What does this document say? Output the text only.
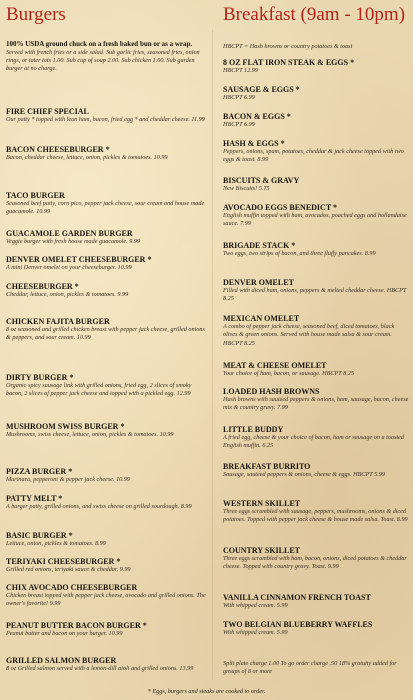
Burgers
100% USDA ground chuck on a fresh baked bun or as a wrap.
Served with french fries or a side salad. Sub garlic fries, seasoned fries, onion rings, or tater tots 1.00. Sub cup of soup 2.00. Sub chicken 1.00. Sub garden burger at no charge.
FIRE CHIEF SPECIAL
Our patty * topped with lean ham, bacon, fried egg * and cheddar cheese. 11.99
BACON CHEESEBURGER *
Bacon, cheddar cheese, lettuce, onion, pickles & tomatoes. 10.99
TACO BURGER
Seasoned beef patty, corn pico, pepper jack cheese, sour cream and house made guacamole. 10.99
GUACAMOLE GARDEN BURGER
Veggie burger with fresh house made guacamole. 9.99
DENVER OMELET CHEESEBURGER *
A mini Denver omelet on your cheeseburger. 10.99
CHEESEBURGER *
Cheddar, lettuce, onion, pickles & tomatoes. 9.99
CHICKEN FAJITA BURGER
8 oz seasoned and grilled chicken breast with pepper jack cheese, grilled onions & peppers, and sour cream. 10.99
DIRTY BURGER *
Organic spicy sausage link with grilled onions, fried egg, 2 slices of smoky bacon, 2 slices of pepper jack cheese and topped with a pickled egg. 12.99
MUSHROOM SWISS BURGER *
Mushrooms, swiss cheese, lettuce, onion, pickles & tomatoes. 10.99
PIZZA BURGER *
Marinara, pepperoni & pepper jack cheese. 10.99
PATTY MELT *
A burger patty, grilled onions, and swiss cheese on grilled sourdough. 8.99
BASIC BURGER *
Lettuce, onion, pickles & tomatoes. 8.99
TERIYAKI CHEESEBURGER *
Grilled red onions, teriyaki sauce & cheddar. 9.99
CHIX AVOCADO CHEESEBURGER
Chicken breast topped with pepper jack cheese, avocado and grilled onions. The owner's favorite! 9.99
PEANUT BUTTER BACON BURGER *
Peanut butter and bacon on your burger. 10.99
GRILLED SALMON BURGER
8 oz Grilled salmon served with a lemon-dill aioli and grilled onions. 13.99
Breakfast (9am - 10pm)
HBCPT = Hash browns or country potatoes & toast
8 OZ FLAT IRON STEAK & EGGS *
HBCPT 12.99
SAUSAGE & EGGS *
HBCPT 6.99
BACON & EGGS *
HBCPT 6.99
HASH & EGGS *
Peppers, onions, spam, potatoes, cheddar & jack cheese topped with two eggs & toast. 8.99
BISCUITS & GRAVY
New Biscuits! 5.75
AVOCADO EGGS BENEDICT *
English muffin topped with ham, avocados, poached eggs and hollandaise sauce. 7.99
BRIGADE STACK *
Two eggs, two strips of bacon, and three fluffy pancakes. 8.99
DENVER OMELET
Filled with diced ham, onions, peppers & melted cheddar cheese. HBCPT 8.25
MEXICAN OMELET
A combo of pepper jack cheese, seasoned beef, diced tomatoes, black olives & green onions. Served with house made salsa & sour cream. HBCPT 8.25
MEAT & CHEESE OMELET
Your choice of ham, bacon, or sausage. HBCPT 8.25
LOADED HASH BROWNS
Hash browns with sautéed peppers & onions, ham, sausage, bacon, cheese mix & country gravy. 7.99
LITTLE BUDDY
A fried egg, cheese & your choice of bacon, ham or sausage on a toasted English muffin. 6.25
BREAKFAST BURRITO
Sausage, sautéed peppers & onions, cheese & eggs. HBCPT 5.99
WESTERN SKILLET
Three eggs scrambled with sausage, peppers, mushrooms, onions & diced potatoes. Topped with pepper jack cheese & house made salsa. Toast. 8.99
COUNTRY SKILLET
Three eggs scrambled with ham, bacon, onions, diced potatoes & cheddar cheese. Topped with country gravy. Toast. 9.99
VANILLA CINNAMON FRENCH TOAST
With whipped cream. 5.99
TWO BELGIAN BLUEBERRY WAFFLES
With whipped cream. 5.99
Split plate charge 1.00 To go order charge .50 18% gratuity added for groups of 8 or more
* Eggs, burgers and steaks are cooked to order.
